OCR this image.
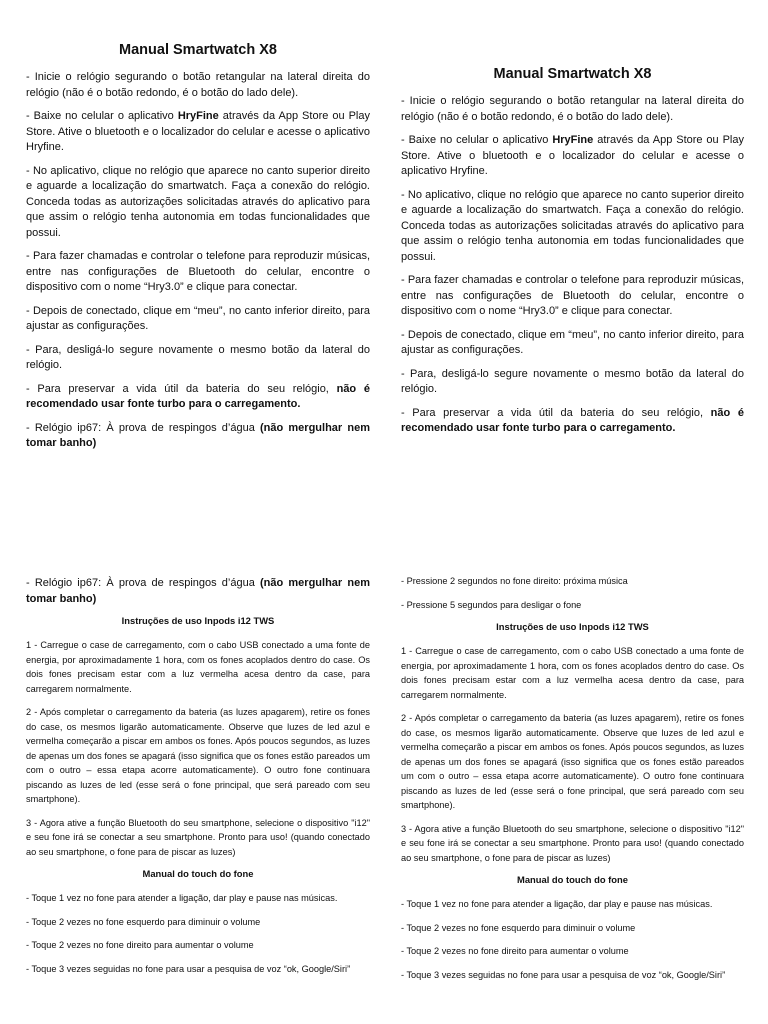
Manual Smartwatch X8

- Inicie o relógio segurando o botão retangular na lateral direita do relógio (não é o botão redondo, é o botão do lado dele).

- Baixe no celular o aplicativo HryFine através da App Store ou Play Store. Ative o bluetooth e o localizador do celular e acesse o aplicativo Hryfine.

- No aplicativo, clique no relógio que aparece no canto superior direito e aguarde a localização do smartwatch. Faça a conexão do relógio. Conceda todas as autorizações solicitadas através do aplicativo para que assim o relógio tenha autonomia em todas funcionalidades que possui.

- Para fazer chamadas e controlar o telefone para reproduzir músicas, entre nas configurações de Bluetooth do celular, encontre o dispositivo com o nome “Hry3.0” e clique para conectar.

- Depois de conectado, clique em “meu”, no canto inferior direito, para ajustar as configurações.

- Para, desligá-lo segure novamente o mesmo botão da lateral do relógio.

- Para preservar a vida útil da bateria do seu relógio, não é recomendado usar fonte turbo para o carregamento.

- Relógio ip67: À prova de respingos d’água (não mergulhar nem tomar banho)

Manual Smartwatch X8

- Inicie o relógio segurando o botão retangular na lateral direita do relógio (não é o botão redondo, é o botão do lado dele).

- Baixe no celular o aplicativo HryFine através da App Store ou Play Store. Ative o bluetooth e o localizador do celular e acesse o aplicativo Hryfine.

- No aplicativo, clique no relógio que aparece no canto superior direito e aguarde a localização do smartwatch. Faça a conexão do relógio. Conceda todas as autorizações solicitadas através do aplicativo para que assim o relógio tenha autonomia em todas funcionalidades que possui.

- Para fazer chamadas e controlar o telefone para reproduzir músicas, entre nas configurações de Bluetooth do celular, encontre o dispositivo com o nome “Hry3.0” e clique para conectar.

- Depois de conectado, clique em “meu”, no canto inferior direito, para ajustar as configurações.

- Para, desligá-lo segure novamente o mesmo botão da lateral do relógio.

- Para preservar a vida útil da bateria do seu relógio, não é recomendado usar fonte turbo para o carregamento.

- Relógio ip67: À prova de respingos d’água (não mergulhar nem tomar banho)

Instruções de uso Inpods i12 TWS

1 - Carregue o case de carregamento, com o cabo USB conectado a uma fonte de energia, por aproximadamente 1 hora, com os fones acoplados dentro do case. Os dois fones precisam estar com a luz vermelha acesa dentro da case, para carregarem normalmente.

2 - Após completar o carregamento da bateria (as luzes apagarem), retire os fones do case, os mesmos ligarão automaticamente. Observe que luzes de led azul e vermelha começarão a piscar em ambos os fones. Após poucos segundos, as luzes de apenas um dos fones se apagará (isso significa que os fones estão pareados um com o outro – essa etapa acorre automaticamente). O outro fone continuara piscando as luzes de led (esse será o fone principal, que será pareado com seu smartphone).

3 - Agora ative a função Bluetooth do seu smartphone, selecione o dispositivo "i12" e seu fone irá se conectar a seu smartphone. Pronto para uso! (quando conectado ao seu smartphone, o fone para de piscar as luzes)

Manual do touch do fone

- Toque 1 vez no fone para atender a ligação, dar play e pause nas músicas.

- Toque 2 vezes no fone esquerdo para diminuir o volume

- Toque 2 vezes no fone direito para aumentar o volume

- Toque 3 vezes seguidas no fone para usar a pesquisa de voz “ok, Google/Siri”

- Pressione 2 segundos no fone direito: próxima música

- Pressione 5 segundos para desligar o fone

Instruções de uso Inpods i12 TWS

1 - Carregue o case de carregamento, com o cabo USB conectado a uma fonte de energia, por aproximadamente 1 hora, com os fones acoplados dentro do case. Os dois fones precisam estar com a luz vermelha acesa dentro da case, para carregarem normalmente.

2 - Após completar o carregamento da bateria (as luzes apagarem), retire os fones do case, os mesmos ligarão automaticamente. Observe que luzes de led azul e vermelha começarão a piscar em ambos os fones. Após poucos segundos, as luzes de apenas um dos fones se apagará (isso significa que os fones estão pareados um com o outro – essa etapa acorre automaticamente). O outro fone continuara piscando as luzes de led (esse será o fone principal, que será pareado com seu smartphone).

3 - Agora ative a função Bluetooth do seu smartphone, selecione o dispositivo "i12" e seu fone irá se conectar a seu smartphone. Pronto para uso! (quando conectado ao seu smartphone, o fone para de piscar as luzes)

Manual do touch do fone

- Toque 1 vez no fone para atender a ligação, dar play e pause nas músicas.

- Toque 2 vezes no fone esquerdo para diminuir o volume

- Toque 2 vezes no fone direito para aumentar o volume

- Toque 3 vezes seguidas no fone para usar a pesquisa de voz “ok, Google/Siri”
